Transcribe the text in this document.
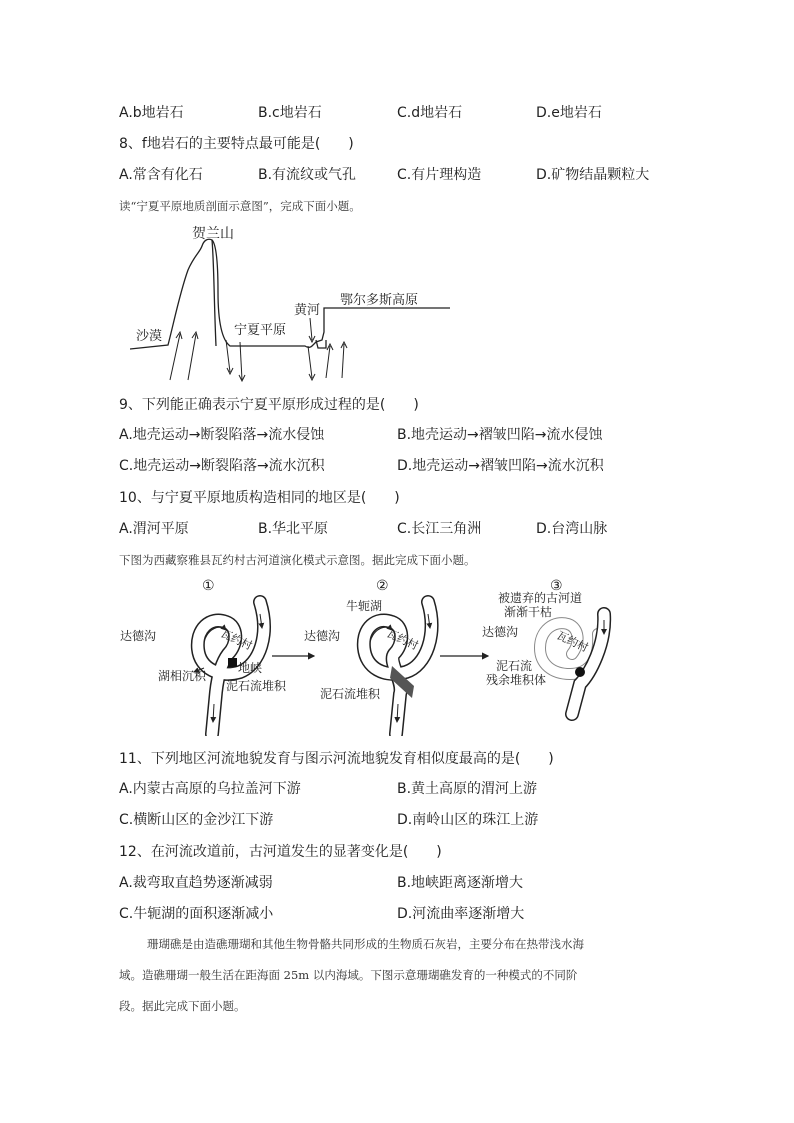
A.b地岩石	B.c地岩石	C.d地岩石	D.e地岩石
8、f地岩石的主要特点最可能是(　　)
A.常含有化石	B.有流纹或气孔	C.有片理构造	D.矿物结晶颗粒大
读“宁夏平原地质剖面示意图”，完成下面小题。
贺兰山
沙漠	宁夏平原
黄河
鄂尔多斯高原
9、下列能正确表示宁夏平原形成过程的是(　　)
A.地壳运动→断裂陷落→流水侵蚀	B.地壳运动→褶皱凹陷→流水侵蚀
C.地壳运动→断裂陷落→流水沉积	D.地壳运动→褶皱凹陷→流水沉积
10、与宁夏平原地质构造相同的地区是(　　)
A.渭河平原	B.华北平原	C.长江三角洲	D.台湾山脉
下图为西藏察雅县瓦约村古河道演化模式示意图。据此完成下面小题。
①
达德沟	瓦约村
地峡
湖相沉积
泥石流堆积
②
牛轭湖
达德沟	瓦约村
泥石流堆积
③
被遗弃的古河道
渐渐干枯
达德沟	瓦约村
泥石流
残余堆积体
11、下列地区河流地貌发育与图示河流地貌发育相似度最高的是(　　)
A.内蒙古高原的乌拉盖河下游	B.黄土高原的渭河上游
C.横断山区的金沙江下游	D.南岭山区的珠江上游
12、在河流改道前，古河道发生的显著变化是(　　)
A.裁弯取直趋势逐渐减弱	B.地峡距离逐渐增大
C.牛轭湖的面积逐渐减小	D.河流曲率逐渐增大

珊瑚礁是由造礁珊瑚和其他生物骨骼共同形成的生物质石灰岩，主要分布在热带浅水海

域。造礁珊瑚一般生活在距海面 25m 以内海域。下图示意珊瑚礁发育的一种模式的不同阶

段。据此完成下面小题。
